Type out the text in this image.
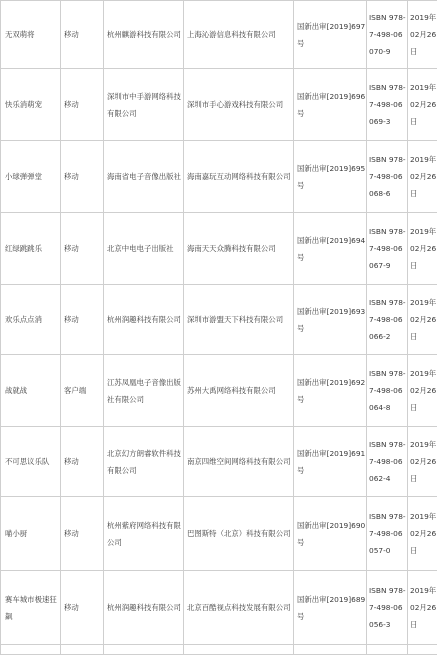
无双萌将	移动	杭州麒游科技有限公司	上海沁游信息科技有限公司	国新出审[2019]697号	ISBN 978-7-498-06070-9	2019年02月26日
快乐消萌宠	移动	深圳市中手游网络科技有限公司	深圳市手心游戏科技有限公司	国新出审[2019]696号	ISBN 978-7-498-06069-3	2019年02月26日
小球弹弹堂	移动	海南省电子音像出版社	海南嘉玩互动网络科技有限公司	国新出审[2019]695号	ISBN 978-7-498-06068-6	2019年02月26日
红绿跳跳乐	移动	北京中电电子出版社	海南天天众腾科技有限公司	国新出审[2019]694号	ISBN 978-7-498-06067-9	2019年02月26日
欢乐点点消	移动	杭州润趣科技有限公司	深圳市游盟天下科技有限公司	国新出审[2019]693号	ISBN 978-7-498-06066-2	2019年02月26日
战就战	客户端	江苏凤凰电子音像出版社有限公司	苏州大禹网络科技有限公司	国新出审[2019]692号	ISBN 978-7-498-06064-8	2019年02月26日
不可思议乐队	移动	北京幻方朗睿软件科技有限公司	南京四维空间网络科技有限公司	国新出审[2019]691号	ISBN 978-7-498-06062-4	2019年02月26日
喵小厨	移动	杭州紫府网络科技有限公司	巴图斯特（北京）科技有限公司	国新出审[2019]690号	ISBN 978-7-498-06057-0	2019年02月26日
赛车城市极速狂飙	移动	杭州润趣科技有限公司	北京百酷视点科技发展有限公司	国新出审[2019]689号	ISBN 978-7-498-06056-3	2019年02月26日
